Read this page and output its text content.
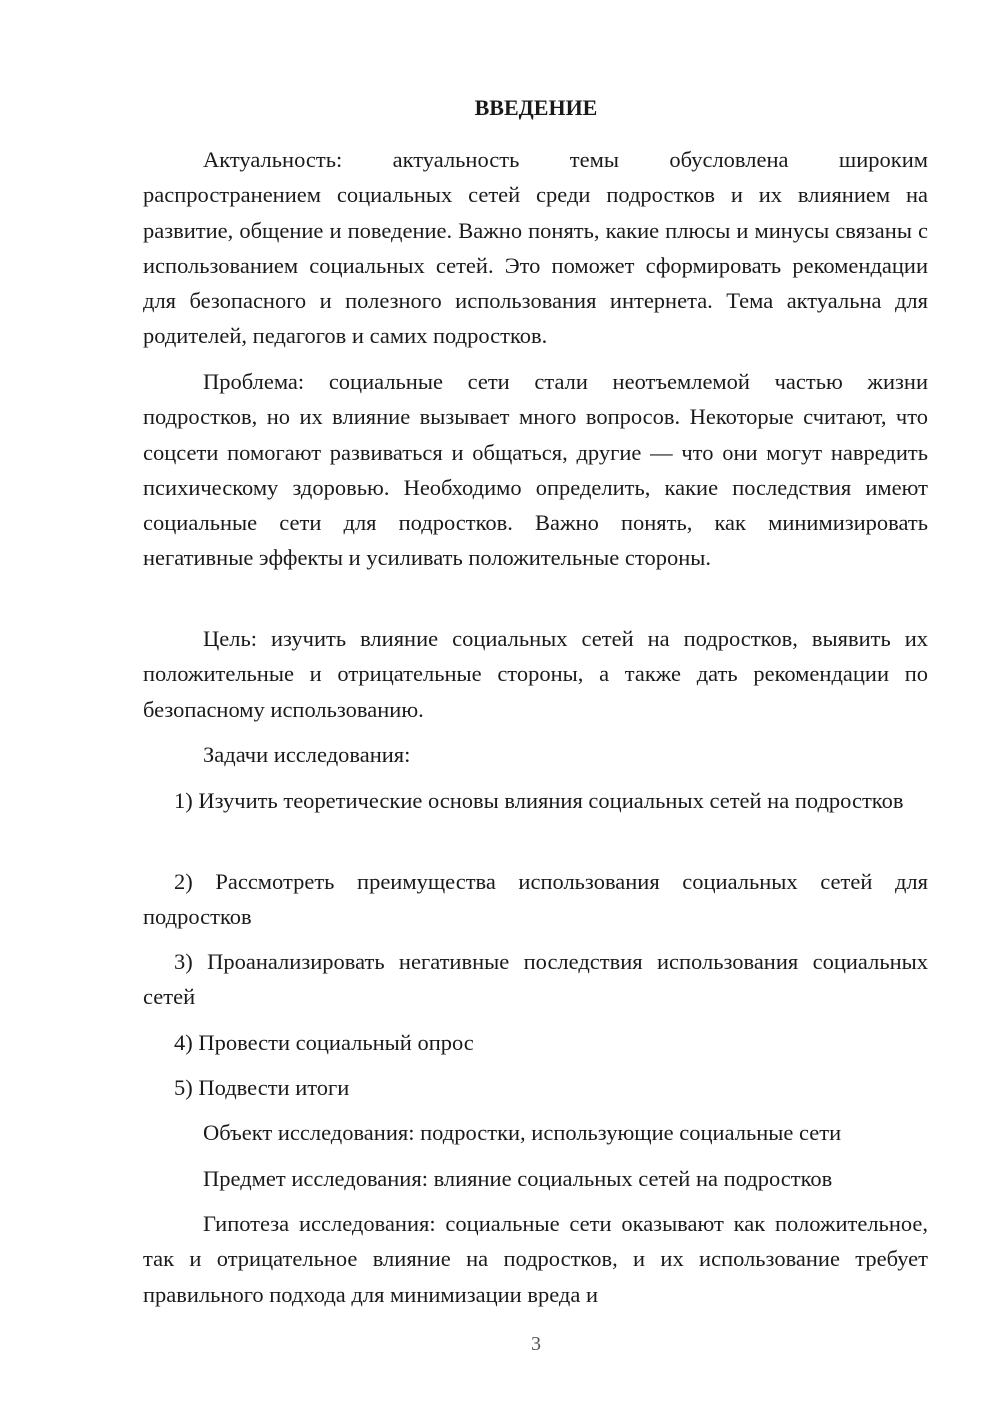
ВВЕДЕНИЕ

Актуальность: актуальность темы обусловлена широким распространением социальных сетей среди подростков и их влиянием на развитие, общение и поведение. Важно понять, какие плюсы и минусы связаны с использованием социальных сетей. Это поможет сформировать рекомендации для безопасного и полезного использования интернета. Тема актуальна для родителей, педагогов и самих подростков.

Проблема: социальные сети стали неотъемлемой частью жизни подростков, но их влияние вызывает много вопросов. Некоторые считают, что соцсети помогают развиваться и общаться, другие — что они могут навредить психическому здоровью. Необходимо определить, какие последствия имеют социальные сети для подростков. Важно понять, как минимизировать негативные эффекты и усиливать положительные стороны.

Цель: изучить влияние социальных сетей на подростков, выявить их положительные и отрицательные стороны, а также дать рекомендации по безопасному использованию.

Задачи исследования:

1) Изучить теоретические основы влияния социальных сетей на подростков

2) Рассмотреть преимущества использования социальных сетей для подростков

3) Проанализировать негативные последствия использования социальных сетей

4) Провести социальный опрос

5) Подвести итоги

Объект исследования: подростки, использующие социальные сети

Предмет исследования: влияние социальных сетей на подростков

Гипотеза исследования: социальные сети оказывают как положительное, так и отрицательное влияние на подростков, и их использование требует правильного подхода для минимизации вреда и

3
